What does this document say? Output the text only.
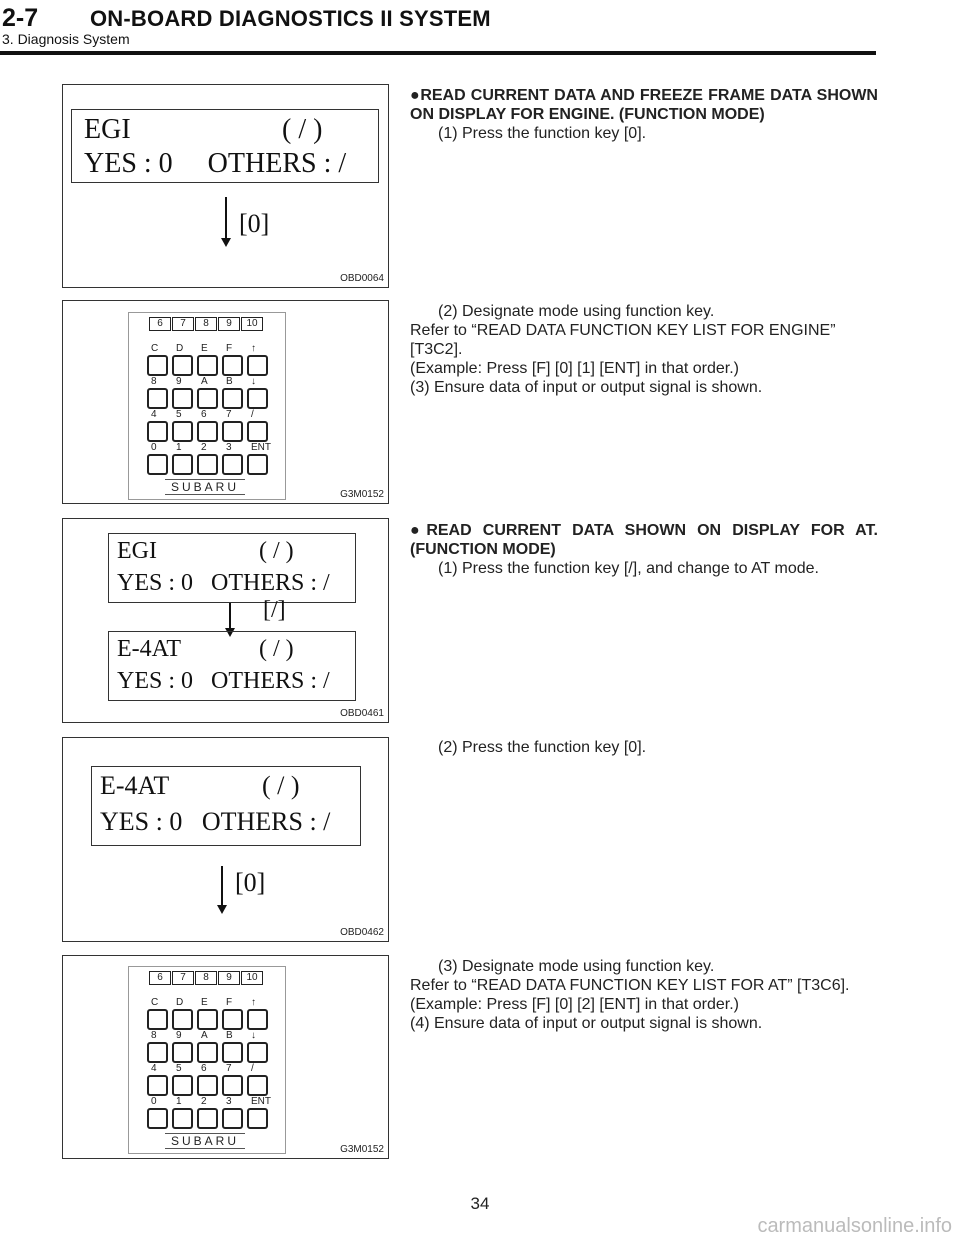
2-7 ON-BOARD DIAGNOSTICS II SYSTEM
3. Diagnosis System
EGI	( / )
YES : 0     OTHERS : /
[0]
OBD0064
G3M0152
6	7	8	9	10
C D E F ↑
8 9 A B ↓
4 5 6 7 /
0 1 2 3 ENT
SUBARU
EGI	( / )
YES : 0   OTHERS : /
[/]
E-4AT	( / )
YES : 0   OTHERS : /
OBD0461
E-4AT	( / )
YES : 0   OTHERS : /
[0]
OBD0462
G3M0152
6	7	8	9	10
C D E F ↑
8 9 A B ↓
4 5 6 7 /
0 1 2 3 ENT
SUBARU

●READ CURRENT DATA AND FREEZE FRAME DATA SHOWN ON DISPLAY FOR ENGINE. (FUNCTION MODE)

(1) Press the function key [0].

(2) Designate mode using function key.

Refer to “READ DATA FUNCTION KEY LIST FOR ENGINE” [T3C2].

(Example: Press [F] [0] [1] [ENT] in that order.)

(3) Ensure data of input or output signal is shown.

●READ CURRENT DATA SHOWN ON DISPLAY FOR AT. (FUNCTION MODE)

(1) Press the function key [/], and change to AT mode.

(2) Press the function key [0].

(3) Designate mode using function key.

Refer to “READ DATA FUNCTION KEY LIST FOR AT” [T3C6].

(Example: Press [F] [0] [2] [ENT] in that order.)

(4) Ensure data of input or output signal is shown.

34
carmanualsonline.info
